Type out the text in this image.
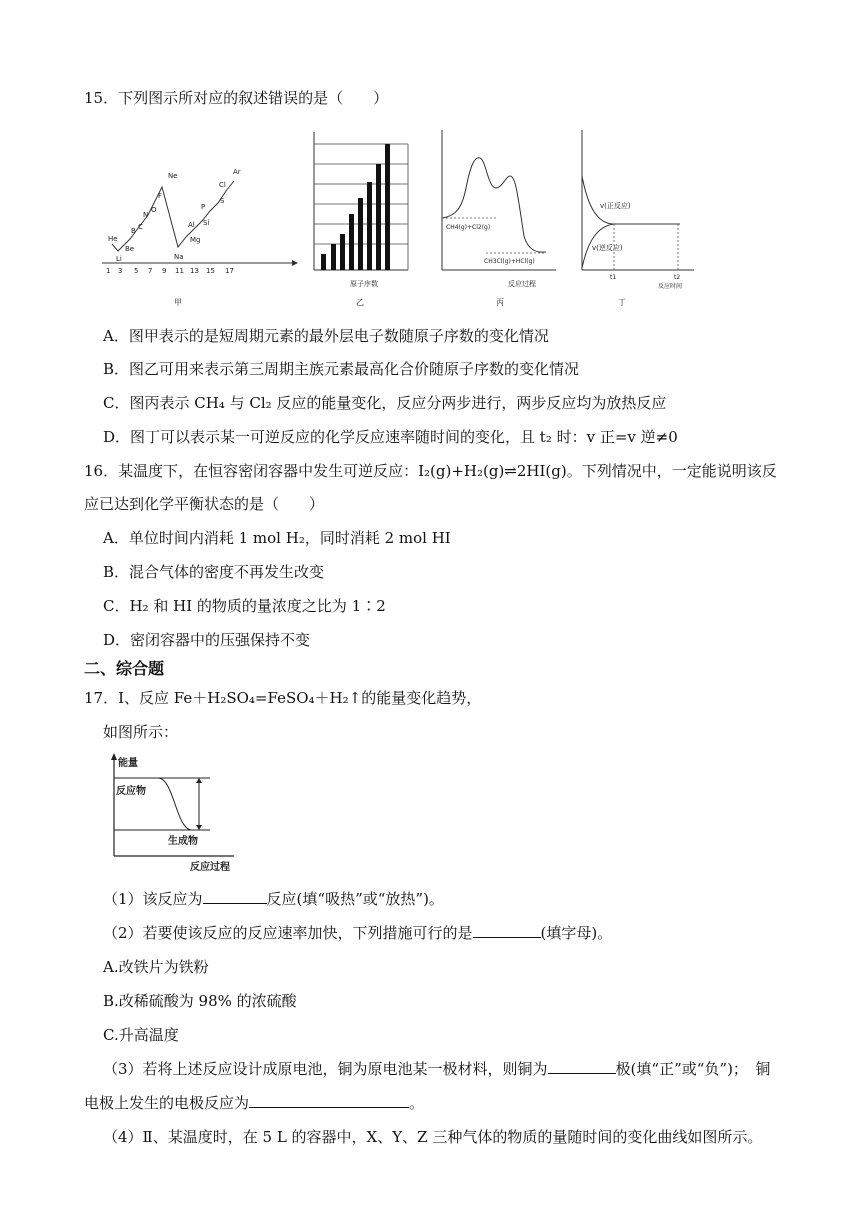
15．下列图示所对应的叙述错误的是（　　）
He
Li
Be
B C
N
O
F
Ne
Na
Mg
Al Si
P
S
Cl
Ar
1 3 5 7 9 11 13 15 17
甲
原子序数
乙
CH4(g)+Cl2(g)
CH3Cl(g)+HCl(g)
反应过程
丙
v(正反应)
v(逆反应)
t1	t2
反应时间
丁
A．图甲表示的是短周期元素的最外层电子数随原子序数的变化情况
B．图乙可用来表示第三周期主族元素最高化合价随原子序数的变化情况
C．图丙表示 CH₄ 与 Cl₂ 反应的能量变化，反应分两步进行，两步反应均为放热反应
D．图丁可以表示某一可逆反应的化学反应速率随时间的变化，且 t₂ 时：v 正=v 逆≠0
16．某温度下，在恒容密闭容器中发生可逆反应：I₂(g)+H₂(g)⇌2HI(g)。下列情况中，一定能说明该反
应已达到化学平衡状态的是（　　）
A．单位时间内消耗 1 mol H₂，同时消耗 2 mol HI
B．混合气体的密度不再发生改变
C．H₂ 和 HI 的物质的量浓度之比为 1∶2
D．密闭容器中的压强保持不变
二、综合题
17．Ⅰ、反应 Fe＋H₂SO₄=FeSO₄＋H₂↑的能量变化趋势，
如图所示：
能量
反应物
生成物
反应过程
（1）该反应为	反应(填“吸热”或“放热”)。
（2）若要使该反应的反应速率加快，下列措施可行的是	(填字母)。
A.改铁片为铁粉
B.改稀硫酸为 98% 的浓硫酸
C.升高温度
（3）若将上述反应设计成原电池，铜为原电池某一极材料，则铜为	极(填“正”或“负”)；　铜
电极上发生的电极反应为	。
（4）Ⅱ、某温度时，在 5 L 的容器中，X、Y、Z 三种气体的物质的量随时间的变化曲线如图所示。
